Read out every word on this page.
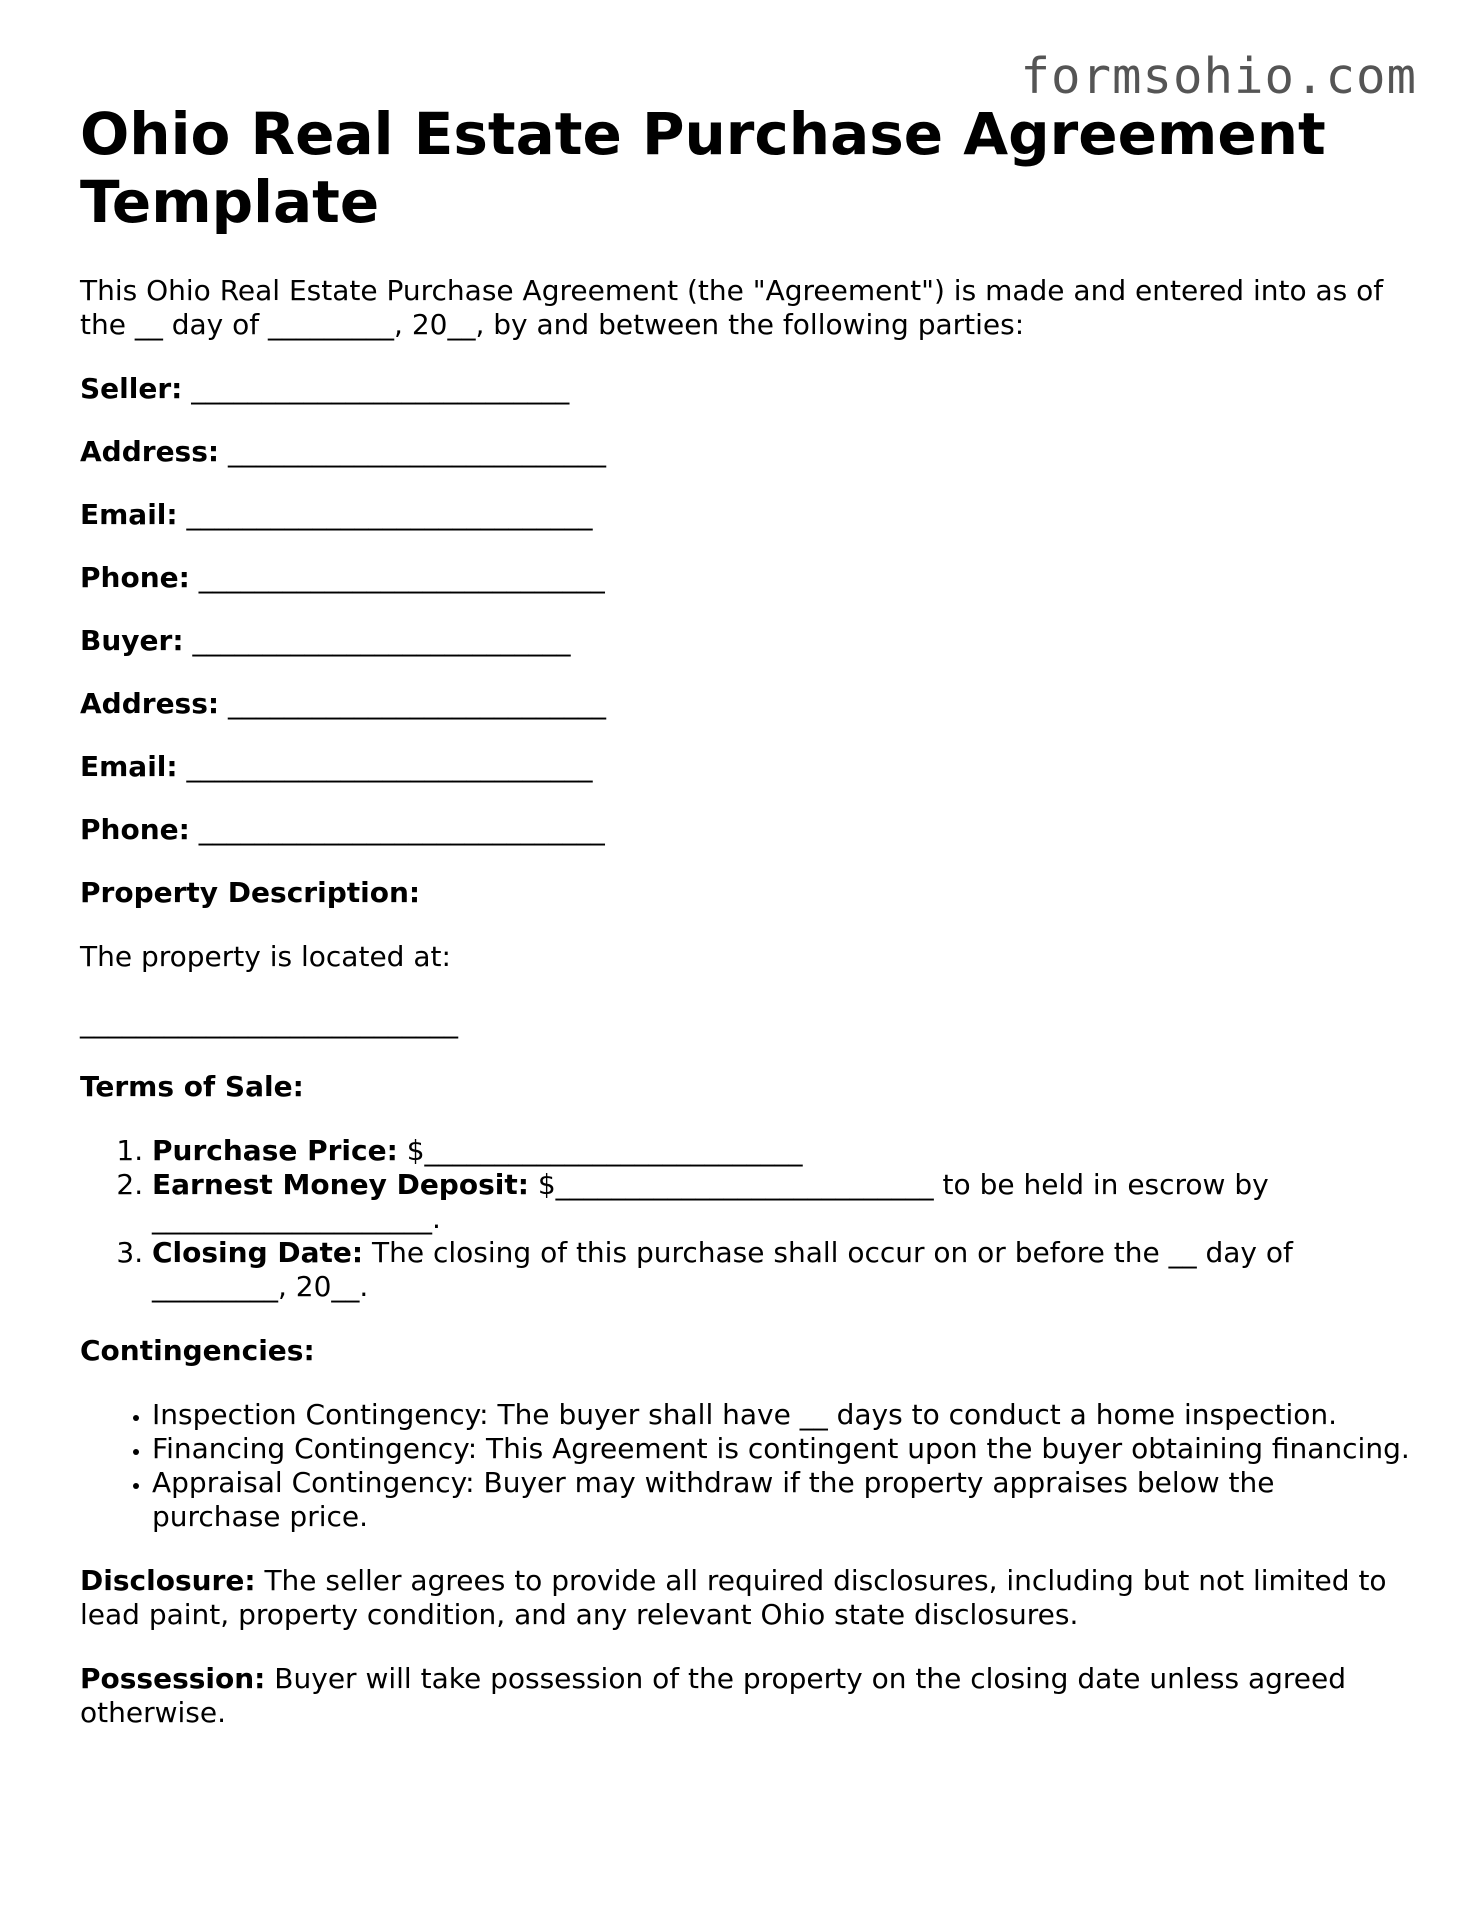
formsohio.com
Ohio Real Estate Purchase Agreement Template

This Ohio Real Estate Purchase Agreement (the "Agreement") is made and entered into as of the __ day of _________, 20__, by and between the following parties:

Seller: ___________________________

Address: ___________________________

Email: _____________________________

Phone: _____________________________

Buyer: ___________________________

Address: ___________________________

Email: _____________________________

Phone: _____________________________

Property Description:

The property is located at:

___________________________

Terms of Sale:

1. Purchase Price: $___________________________
2. Earnest Money Deposit: $___________________________ to be held in escrow by ____________________.
3. Closing Date: The closing of this purchase shall occur on or before the __ day of _________, 20__.

Contingencies:

• Inspection Contingency: The buyer shall have __ days to conduct a home inspection.
• Financing Contingency: This Agreement is contingent upon the buyer obtaining financing.
• Appraisal Contingency: Buyer may withdraw if the property appraises below the purchase price.

Disclosure: The seller agrees to provide all required disclosures, including but not limited to lead paint, property condition, and any relevant Ohio state disclosures.

Possession: Buyer will take possession of the property on the closing date unless agreed otherwise.
